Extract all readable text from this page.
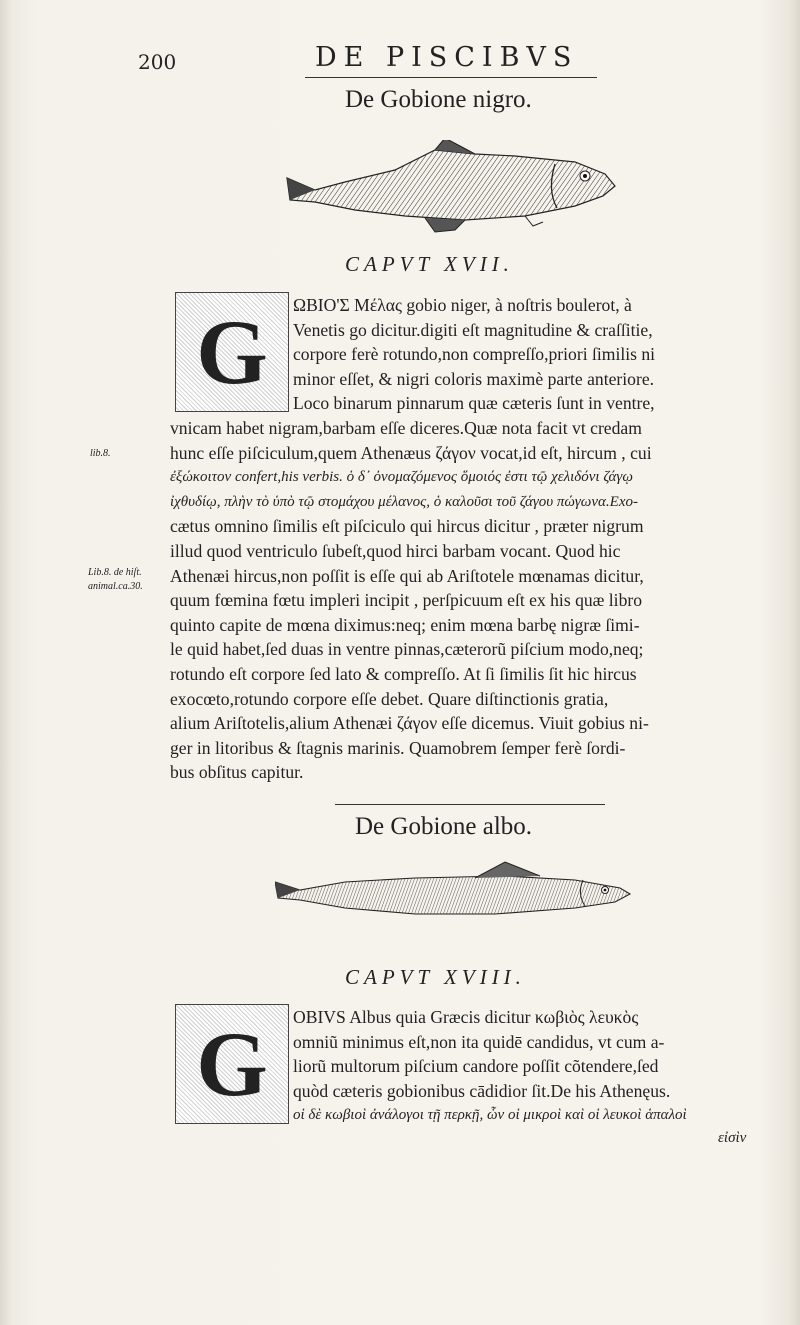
200	DE PISCIBVS
De Gobione nigro.
CAPVT XVII.
G	ΩBIO'Σ Μέλας gobio niger, à noſtris boulerot, à
Venetis go dicitur.digiti eſt magnitudine & craſſitie,
corpore ferè rotundo,non compreſſo,priori ſimilis ni
minor eſſet, & nigri coloris maximè parte anteriore.
Loco binarum pinnarum quæ cæteris ſunt in ventre,
vnicam habet nigram,barbam eſſe diceres.Quæ nota facit vt credam
hunc eſſe piſciculum,quem Athenæus ζάγον vocat,id eſt, hircum , cui
ἐξώκοιτον confert,his verbis. ὁ δ᾽ ὀνομαζόμενος ὅμοιός ἐστι τῷ χελιδόνι ζάγῳ
ἰχθυδίῳ, πλὴν τὸ ὑπὸ τῷ στομάχου μέλανος, ὁ καλοῦσι τοῦ ζάγου πώγωνα.Exo-
cætus omnino ſimilis eſt piſciculo qui hircus dicitur , præter nigrum
illud quod ventriculo ſubeſt,quod hirci barbam vocant. Quod hic
Athenæi hircus,non poſſit is eſſe qui ab Ariſtotele mœnamas dicitur,
quum fœmina fœtu impleri incipit , perſpicuum eſt ex his quæ libro
quinto capite de mœna diximus:neq; enim mœna barbę nigræ ſimi-
le quid habet,ſed duas in ventre pinnas,cæterorũ piſcium modo,neq;
rotundo eſt corpore ſed lato & compreſſo. At ſi ſimilis ſit hic hircus
exocœto,rotundo corpore eſſe debet. Quare diſtinctionis gratia,
alium Ariſtotelis,alium Athenæi ζάγον eſſe dicemus. Viuit gobius ni-
ger in litoribus & ſtagnis marinis. Quamobrem ſemper ferè ſordi-
bus obſitus capitur.
lib.8.
Lib.8. de hiſt. animal.ca.30.
De Gobione albo.
CAPVT XVIII.
G	OBIVS Albus quia Græcis dicitur κωβιὸς λευκὸς
omniũ minimus eſt,non ita quidē candidus, vt cum a-
liorũ multorum piſcium candore poſſit cõtendere,ſed
quòd cæteris gobionibus cādidior ſit.De his Athenęus.
οἱ δὲ κωβιοὶ ἀνάλογοι τῇ περκῇ, ὧν οἱ μικροὶ καὶ οἱ λευκοὶ ἁπαλοὶ
εἰσὶν
